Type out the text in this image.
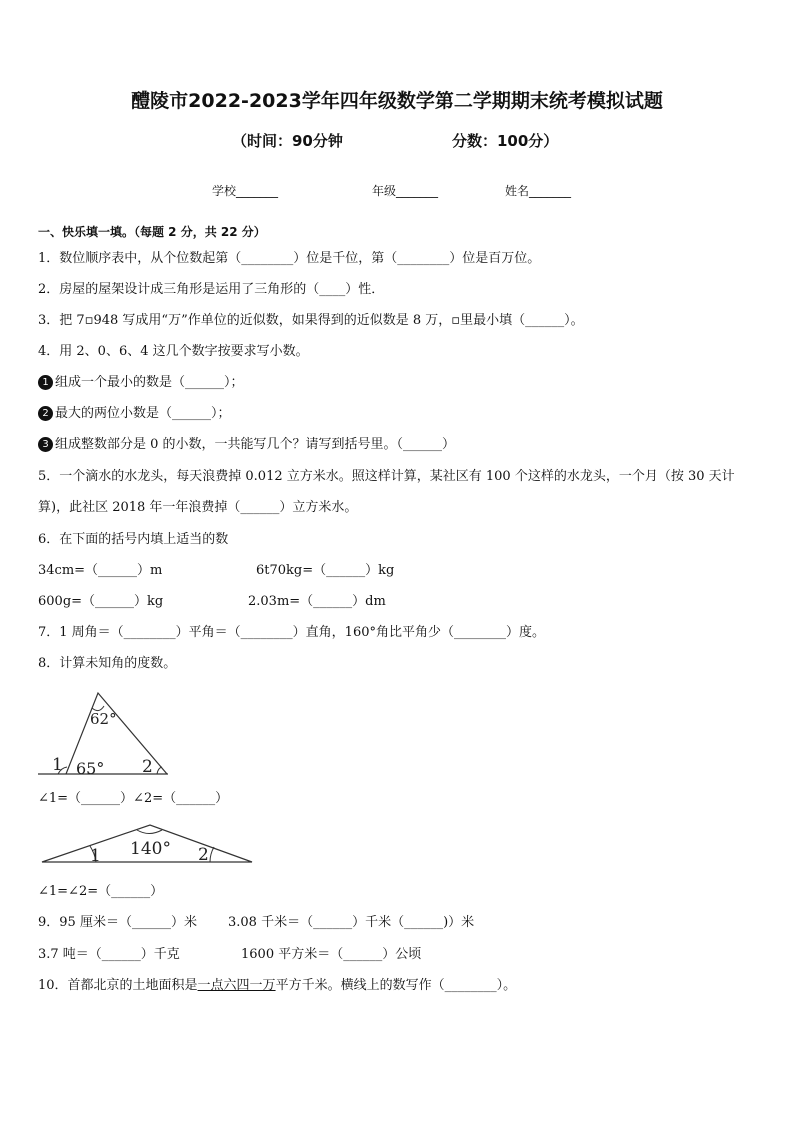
醴陵市2022-2023学年四年级数学第二学期期末统考模拟试题
（时间：90分钟	分数：100分）
学校_______	年级_______	姓名_______
一、快乐填一填。（每题 2 分，共 22 分）
1．数位顺序表中，从个位数起第（________）位是千位，第（________）位是百万位。
2．房屋的屋架设计成三角形是运用了三角形的（____）性．
3．把 7▫948 写成用“万”作单位的近似数，如果得到的近似数是 8 万，▫里最小填（______）。
4．用 2、0、6、4 这几个数字按要求写小数。
1 组成一个最小的数是（______）；
2 最大的两位小数是（______）；
3 组成整数部分是 0 的小数，一共能写几个？请写到括号里。（______）
5．一个滴水的水龙头，每天浪费掉 0.012 立方米水。照这样计算，某社区有 100 个这样的水龙头，一个月（按 30 天计
算)，此社区 2018 年一年浪费掉（______）立方米水。
6．在下面的括号内填上适当的数
34cm=（______）m	6t70kg=（______）kg
600g=（______）kg	2.03m=（______）dm
7．1 周角＝（________）平角＝（________）直角，160°角比平角少（________）度。
8．计算未知角的度数。
62°
1 65° 2
∠1=（______）∠2=（______）
140°
1	2
∠1=∠2=（______）
9．95 厘米＝（______）米 3.08 千米＝（______）千米（______)）米
3.7 吨＝（______）千克	1600 平方米＝（______）公顷
10．首都北京的土地面积是一点六四一万平方千米。横线上的数写作（________）。
